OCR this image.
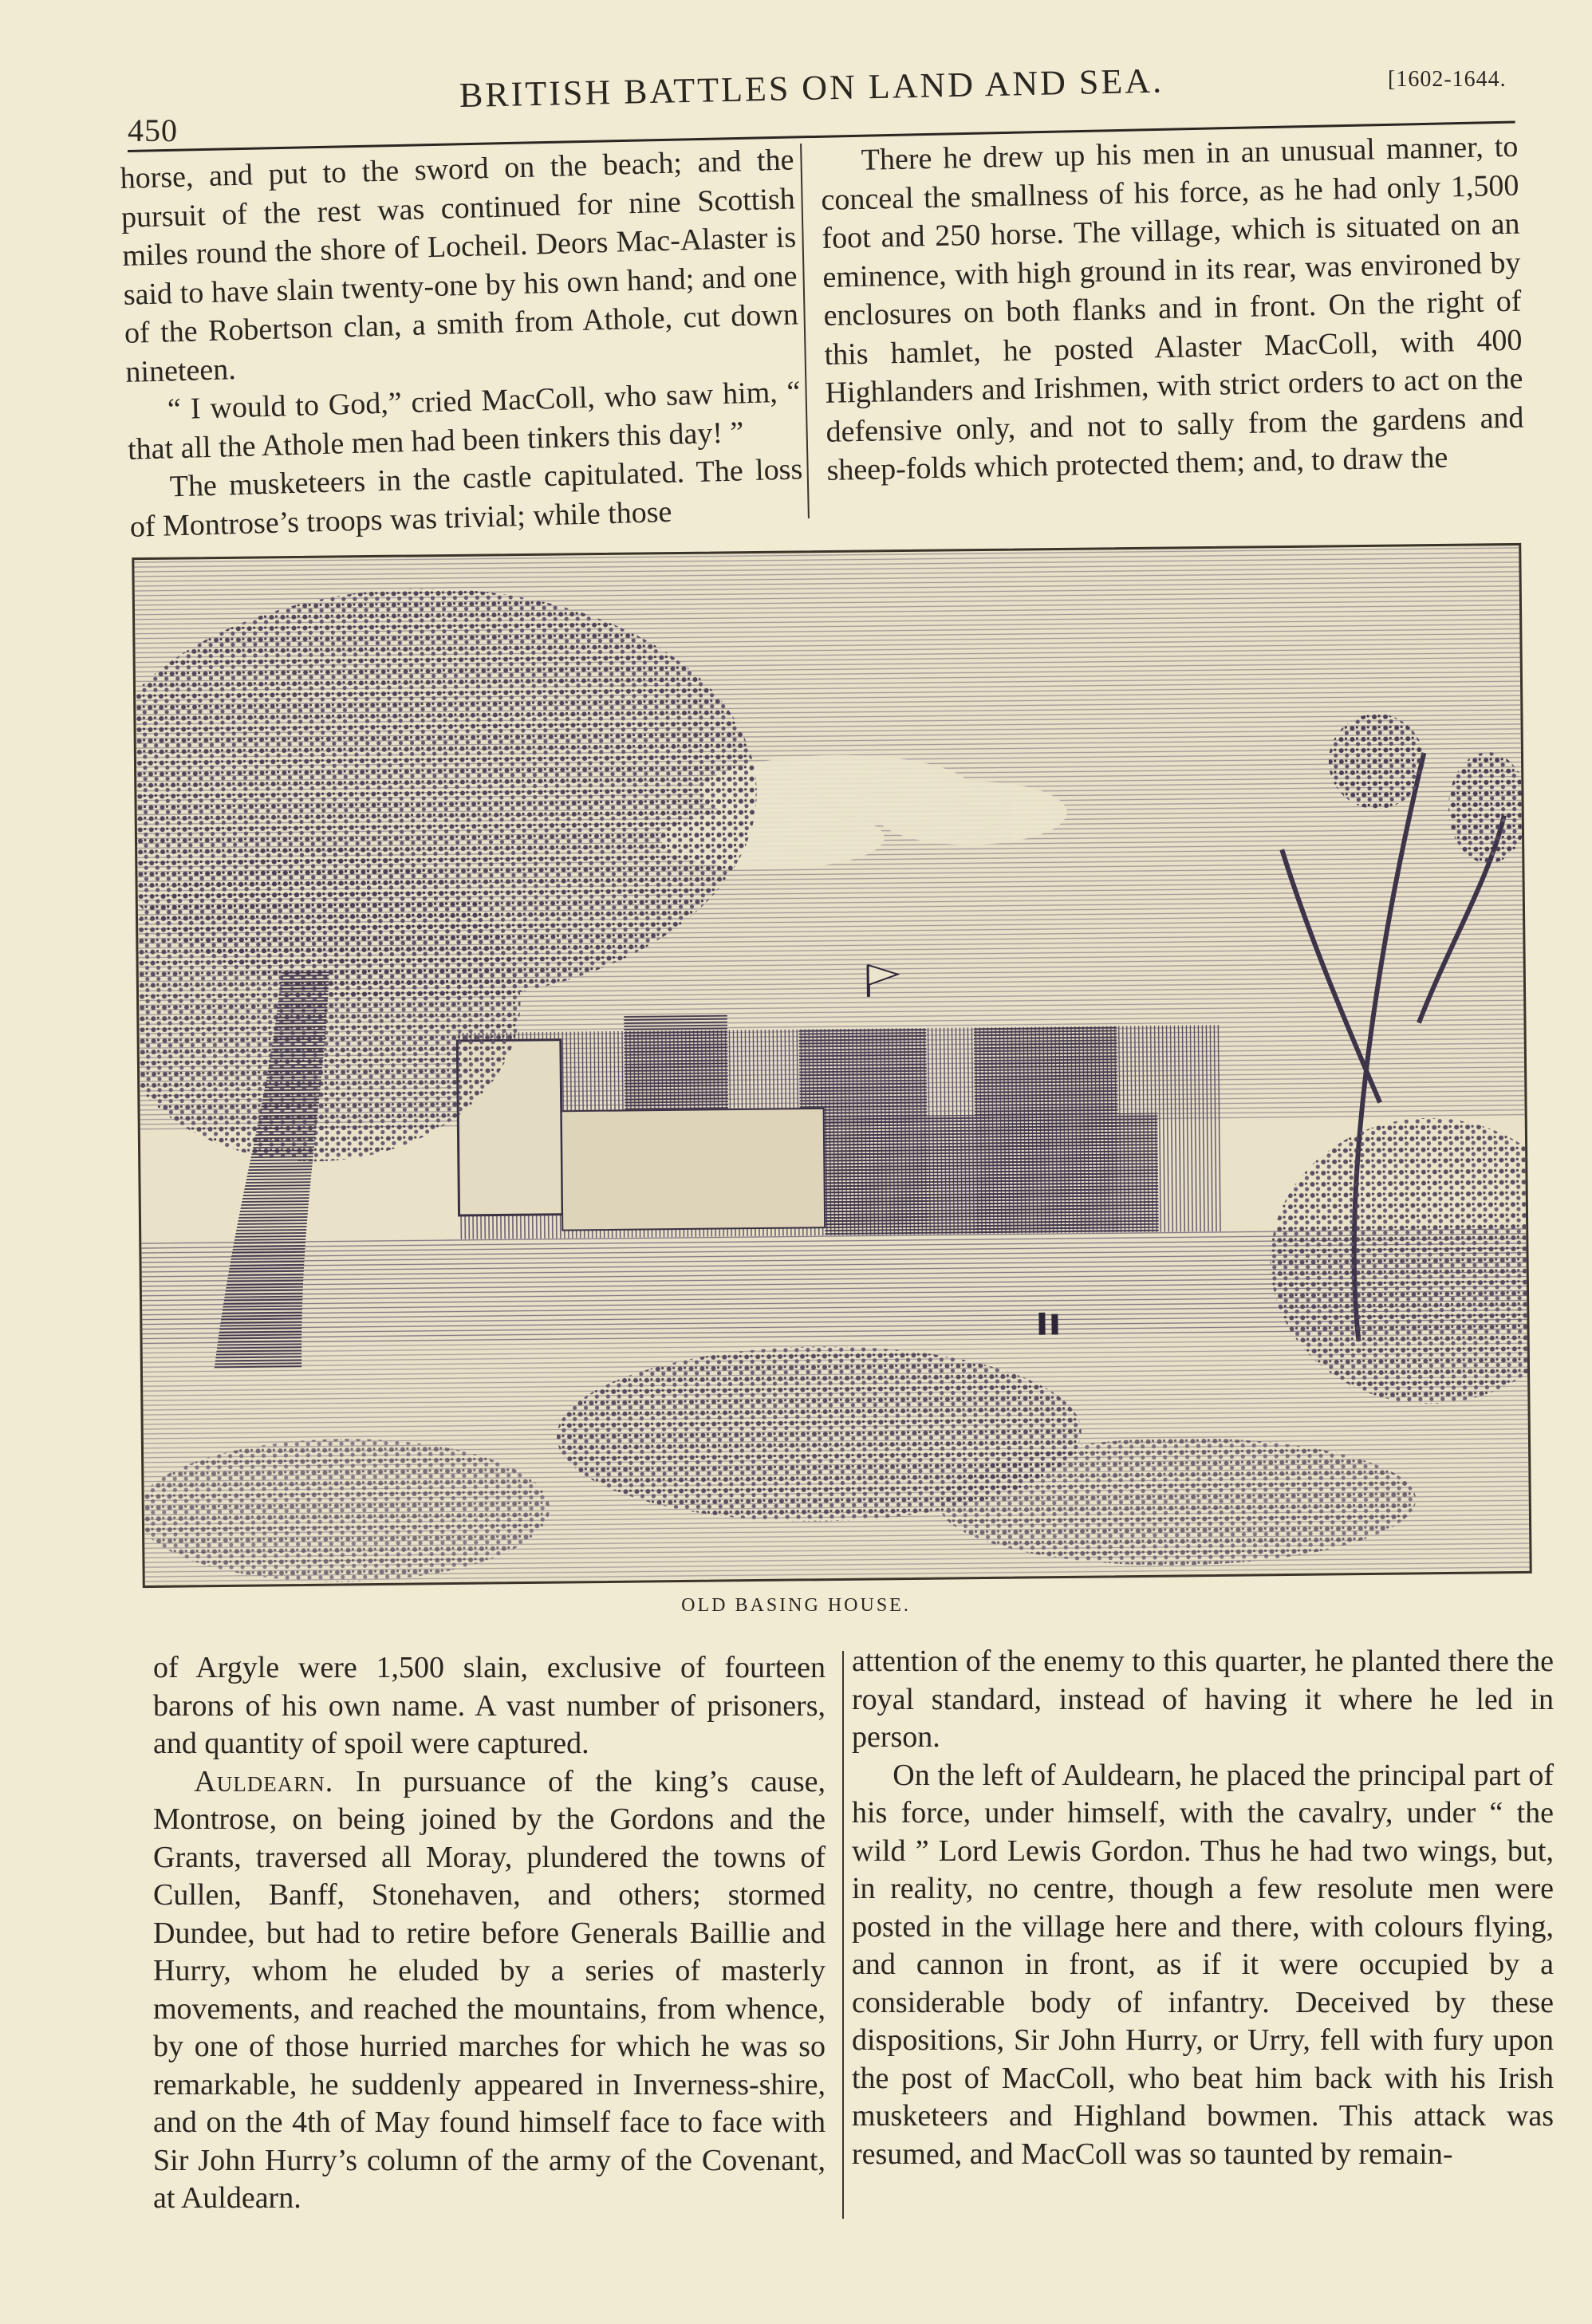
450
BRITISH BATTLES ON LAND AND SEA.	[1602-1644.

horse, and put to the sword on the beach; and the pursuit of the rest was continued for nine Scottish miles round the shore of Locheil. Deors Mac-Alaster is said to have slain twenty-one by his own hand; and one of the Robertson clan, a smith from Athole, cut down nineteen.

“ I would to God,” cried MacColl, who saw him, “ that all the Athole men had been tinkers this day! ”

The musketeers in the castle capitulated. The loss of Montrose’s troops was trivial; while those

There he drew up his men in an unusual manner, to conceal the smallness of his force, as he had only 1,500 foot and 250 horse. The village, which is situated on an eminence, with high ground in its rear, was environed by enclosures on both flanks and in front. On the right of this hamlet, he posted Alaster MacColl, with 400 Highlanders and Irishmen, with strict orders to act on the defensive only, and not to sally from the gardens and sheep-folds which protected them; and, to draw the

OLD BASING HOUSE.

of Argyle were 1,500 slain, exclusive of fourteen barons of his own name. A vast number of prisoners, and quantity of spoil were captured.

Auldearn. In pursuance of the king’s cause, Montrose, on being joined by the Gordons and the Grants, traversed all Moray, plundered the towns of Cullen, Banff, Stonehaven, and others; stormed Dundee, but had to retire before Generals Baillie and Hurry, whom he eluded by a series of masterly movements, and reached the mountains, from whence, by one of those hurried marches for which he was so remarkable, he suddenly appeared in Inverness-shire, and on the 4th of May found himself face to face with Sir John Hurry’s column of the army of the Covenant, at Auldearn.

attention of the enemy to this quarter, he planted there the royal standard, instead of having it where he led in person.

On the left of Auldearn, he placed the principal part of his force, under himself, with the cavalry, under “ the wild ” Lord Lewis Gordon. Thus he had two wings, but, in reality, no centre, though a few resolute men were posted in the village here and there, with colours flying, and cannon in front, as if it were occupied by a considerable body of infantry. Deceived by these dispositions, Sir John Hurry, or Urry, fell with fury upon the post of MacColl, who beat him back with his Irish musketeers and Highland bowmen. This attack was resumed, and MacColl was so taunted by remain-
